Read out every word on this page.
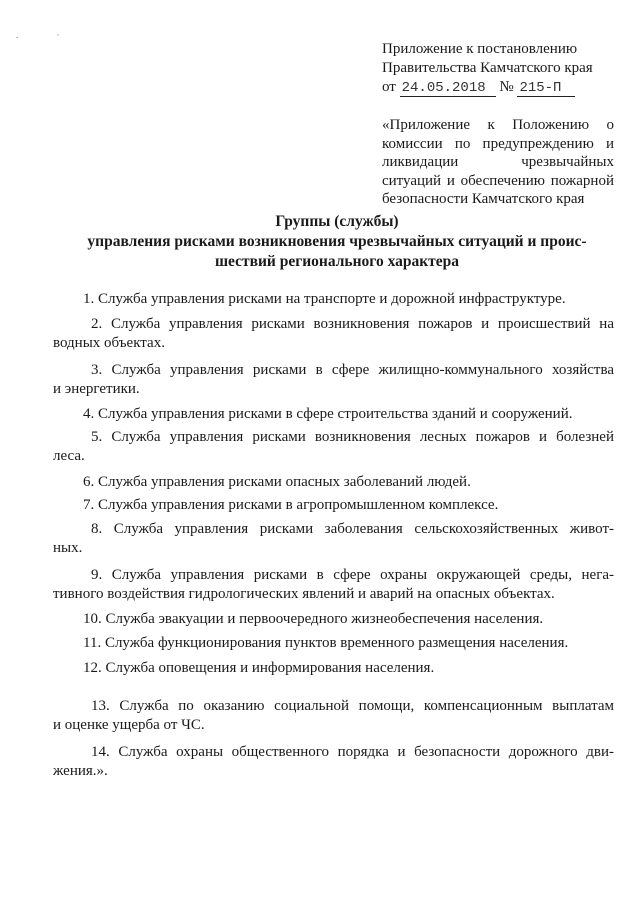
. ·
Приложение к постановлению
Правительства Камчатского края
от 24.05.2018 № 215-П
«Приложение к Положению о комиссии по предупреждению и ликвидации чрезвычайных ситуаций и обеспечению пожарной безопасности Камчатского края
Группы (службы)
управления рисками возникновения чрезвычайных ситуаций и проис-
шествий регионального характера
1. Служба управления рисками на транспорте и дорожной инфраструктуре.
2. Служба управления рисками возникновения пожаров и происшествий на
водных объектах.
3. Служба управления рисками в сфере жилищно-коммунального хозяйства
и энергетики.
4. Служба управления рисками в сфере строительства зданий и сооружений.
5. Служба управления рисками возникновения лесных пожаров и болезней
леса.
6. Служба управления рисками опасных заболеваний людей.
7. Служба управления рисками в агропромышленном комплексе.
8. Служба управления рисками заболевания сельскохозяйственных живот-
ных.
9. Служба управления рисками в сфере охраны окружающей среды, нега-
тивного воздействия гидрологических явлений и аварий на опасных объектах.
10. Служба эвакуации и первоочередного жизнеобеспечения населения.
11. Служба функционирования пунктов временного размещения населения.
12. Служба оповещения и информирования населения.
13. Служба по оказанию социальной помощи, компенсационным выплатам
и оценке ущерба от ЧС.
14. Служба охраны общественного порядка и безопасности дорожного дви-
жения.».
